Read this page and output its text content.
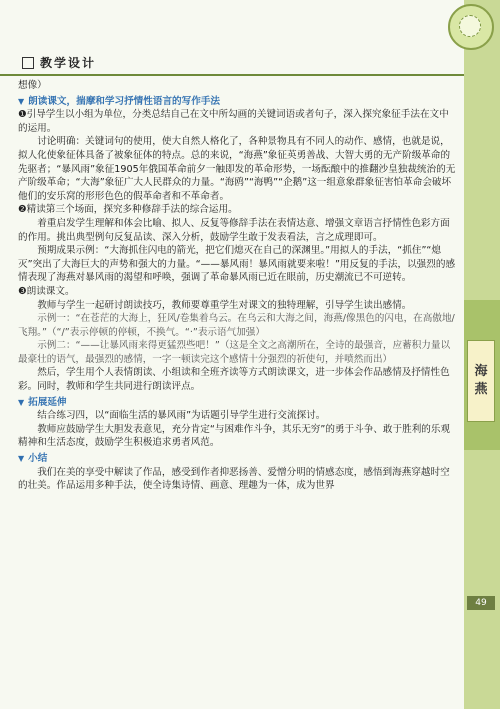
教学设计
海
燕
49

想像）

▼ 朗读课文，揣摩和学习抒情性语言的写作手法

❶引导学生以小组为单位，分类总结自己在文中所勾画的关键词语或者句子，深入探究象征手法在文中的运用。

讨论明确：关键词句的使用，使大自然人格化了，各种景物具有不同人的动作、感情，也就是说，拟人化使象征体具备了被象征体的特点。总的来说，“海燕”象征英勇善战、大智大勇的无产阶级革命的先驱者；“暴风雨”象征1905年俄国革命前夕一触即发的革命形势，一场酝酿中的推翻沙皇独裁统治的无产阶级革命；“大海”象征广大人民群众的力量。“海鸥”“海鸭”“企鹅”这一组意象群象征害怕革命会破坏他们的安乐窝的形形色色的假革命者和不革命者。

❷精读第三个场面，探究多种修辞手法的综合运用。

着重启发学生理解和体会比喻、拟人、反复等修辞手法在表情达意、增强文章语言抒情性色彩方面的作用。挑出典型例句反复品读、深入分析，鼓励学生敢于发表看法，言之成理即可。

预期成果示例：“大海抓住闪电的箭光，把它们熄灭在自己的深渊里。”用拟人的手法，“抓住”“熄灭”突出了大海巨大的声势和强大的力量。“——暴风雨！暴风雨就要来啦！”用反复的手法，以强烈的感情表现了海燕对暴风雨的渴望和呼唤，强调了革命暴风雨已近在眼前，历史潮流已不可逆转。

❸朗读课文。

教师与学生一起研讨朗读技巧，教师要尊重学生对课文的独特理解，引导学生读出感情。

示例一：“在苍茫的大海上，狂风/卷集着乌云。在乌云和大海之间，海燕/像黑色的闪电，在高傲地/飞翔。”（“/”表示停顿的停顿，不换气。“·”表示语气加强）

示例二：“——让暴风雨来得更猛烈些吧！”（这是全文之高潮所在，全诗的最强音，应蓄积力量以最豪壮的语气，最强烈的感情，一字一顿读完这个感情十分强烈的祈使句，并喷然而出）

然后，学生用个人表情朗读、小组读和全班齐读等方式朗读课文，进一步体会作品感情及抒情性色彩。同时，教师和学生共同进行朗读评点。

▼ 拓展延伸

结合练习四，以“面临生活的暴风雨”为话题引导学生进行交流探讨。

教师应鼓励学生大胆发表意见，充分肯定“与困难作斗争，其乐无穷”的勇于斗争、敢于胜利的乐观精神和生活态度，鼓励学生积极追求勇者风范。

▼ 小结

我们在美的享受中解读了作品，感受到作者抑恶扬善、爱憎分明的情感态度，感悟到海燕穿越时空的壮美。作品运用多种手法，使全诗集诗情、画意、理趣为一体，成为世界
